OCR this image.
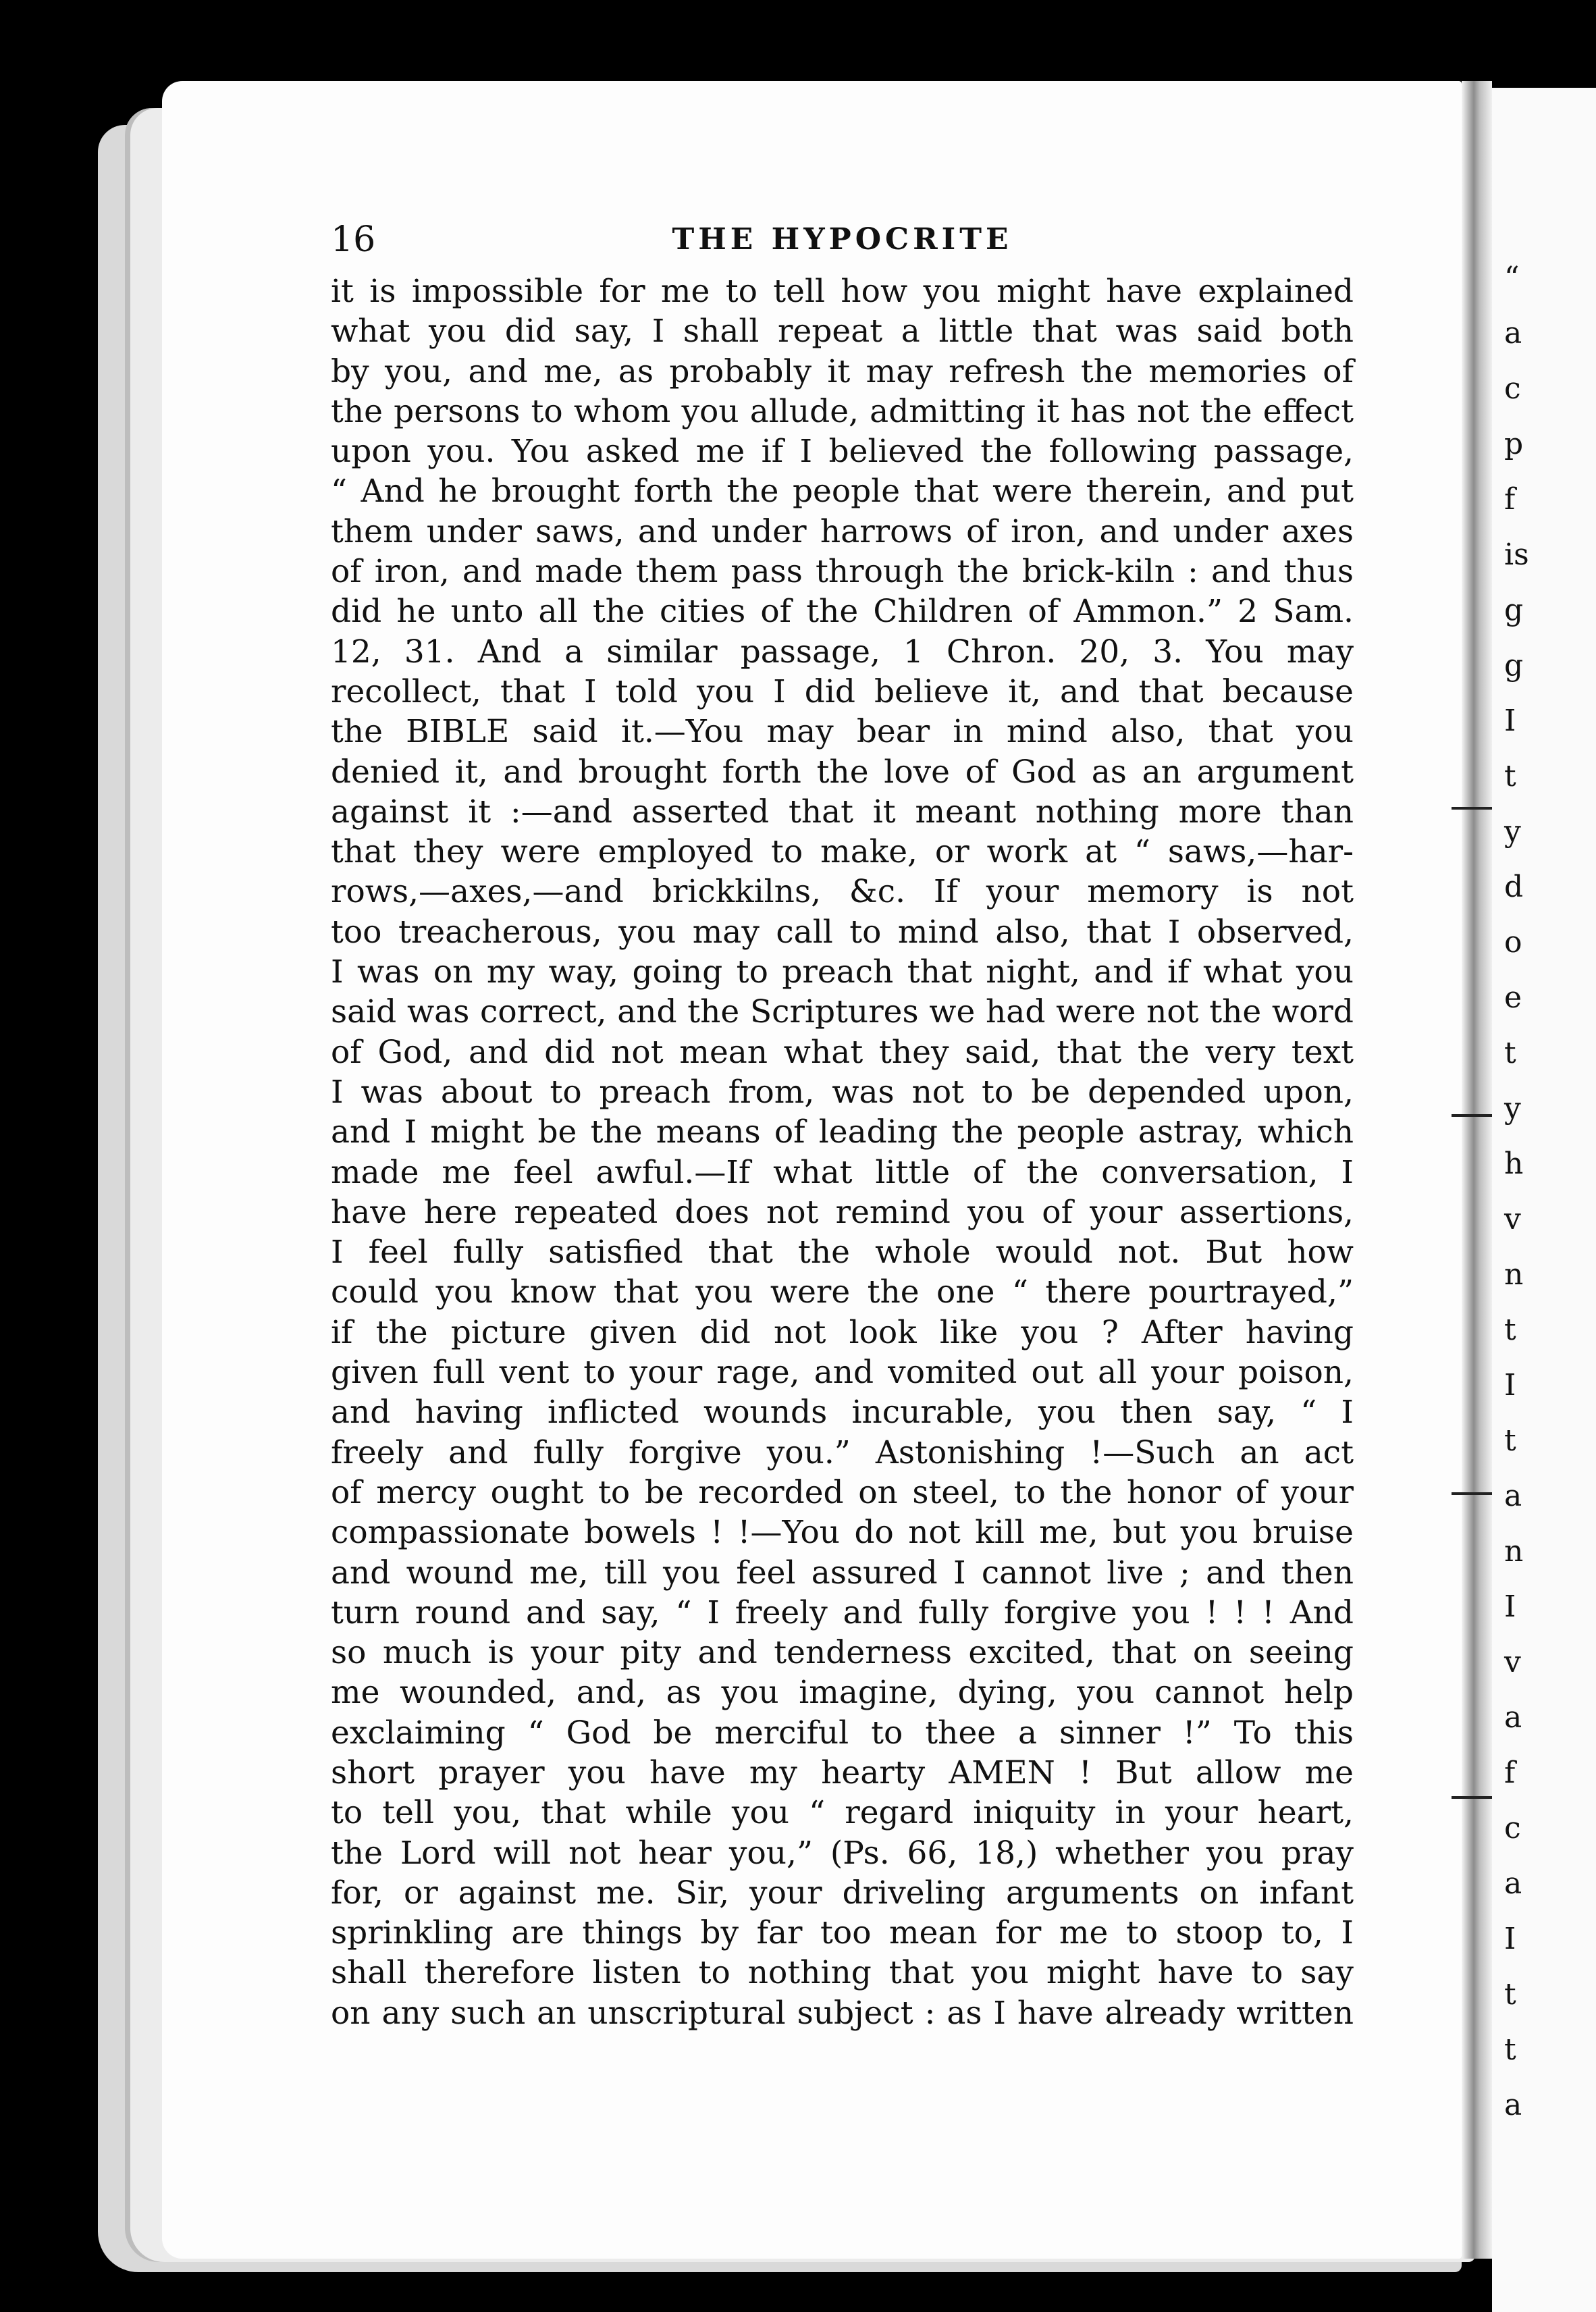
“
a
c
p
f
is
g
g
I
t
y
d
o
e
t
y
h
v
n
t
I
t
a
n
I
v
a
f
c
a
I
t
t
a
16	THE HYPOCRITE
it is impossible for me to tell how you might have explained
what you did say, I shall repeat a little that was said both
by you, and me, as probably it may refresh the memories of
the persons to whom you allude, admitting it has not the effect
upon you. You asked me if I believed the following passage,
“ And he brought forth the people that were therein, and put
them under saws, and under harrows of iron, and under axes
of iron, and made them pass through the brick-kiln : and thus
did he unto all the cities of the Children of Ammon.” 2 Sam.
12, 31. And a similar passage, 1 Chron. 20, 3. You may
recollect, that I told you I did believe it, and that because
the BIBLE said it.—You may bear in mind also, that you
denied it, and brought forth the love of God as an argument
against it :—and asserted that it meant nothing more than
that they were employed to make, or work at “ saws,—har-
rows,—axes,—and brickkilns, &c. If your memory is not
too treacherous, you may call to mind also, that I observed,
I was on my way, going to preach that night, and if what you
said was correct, and the Scriptures we had were not the word
of God, and did not mean what they said, that the very text
I was about to preach from, was not to be depended upon,
and I might be the means of leading the people astray, which
made me feel awful.—If what little of the conversation, I
have here repeated does not remind you of your assertions,
I feel fully satisfied that the whole would not. But how
could you know that you were the one “ there pourtrayed,”
if the picture given did not look like you ? After having
given full vent to your rage, and vomited out all your poison,
and having inflicted wounds incurable, you then say, “ I
freely and fully forgive you.” Astonishing !—Such an act
of mercy ought to be recorded on steel, to the honor of your
compassionate bowels ! !—You do not kill me, but you bruise
and wound me, till you feel assured I cannot live ; and then
turn round and say, “ I freely and fully forgive you ! ! ! And
so much is your pity and tenderness excited, that on seeing
me wounded, and, as you imagine, dying, you cannot help
exclaiming “ God be merciful to thee a sinner !” To this
short prayer you have my hearty AMEN ! But allow me
to tell you, that while you “ regard iniquity in your heart,
the Lord will not hear you,” (Ps. 66, 18,) whether you pray
for, or against me. Sir, your driveling arguments on infant
sprinkling are things by far too mean for me to stoop to, I
shall therefore listen to nothing that you might have to say
on any such an unscriptural subject : as I have already written
